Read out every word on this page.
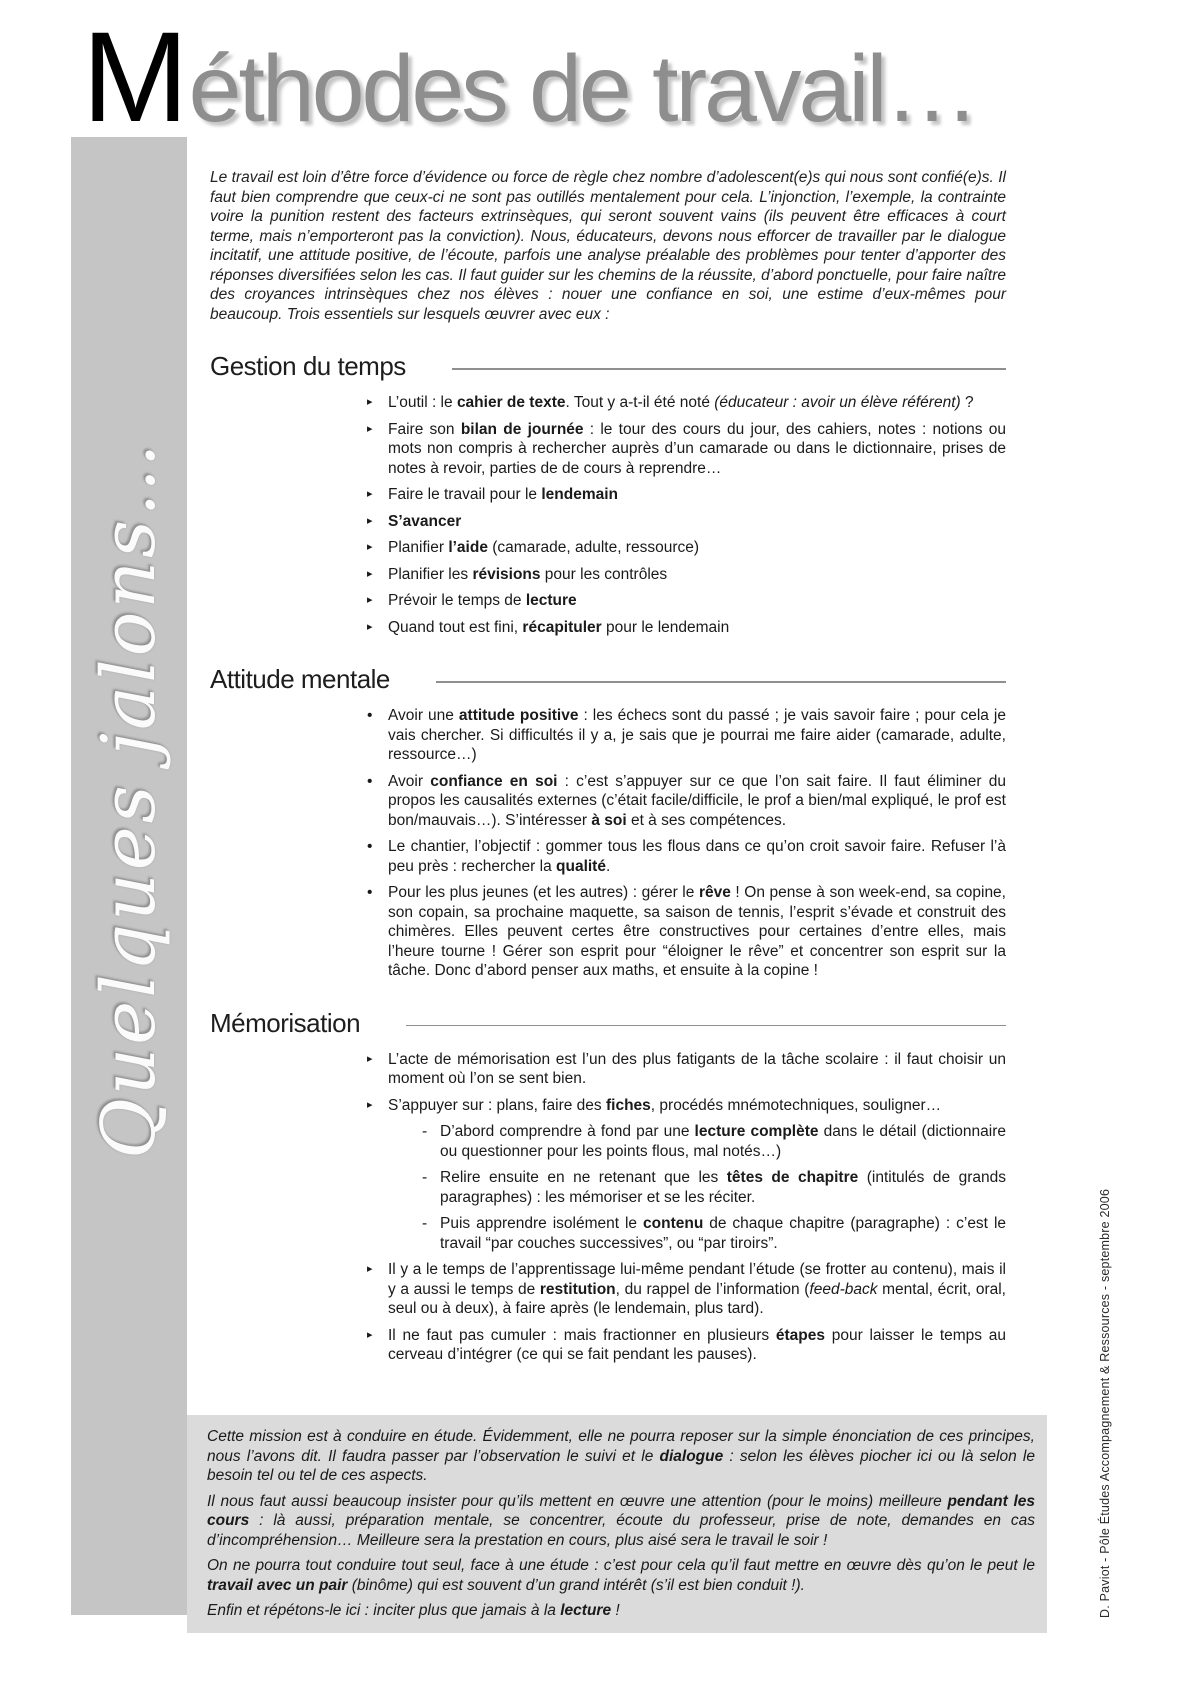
Méthodes de travail…
Quelques jalons…

Le travail est loin d’être force d’évidence ou force de règle chez nombre d’adolescent(e)s qui nous sont confié(e)s. Il faut bien comprendre que ceux-ci ne sont pas outillés mentalement pour cela. L’injonction, l’exemple, la contrainte voire la punition restent des facteurs extrinsèques, qui seront souvent vains (ils peuvent être efficaces à court terme, mais n’emporteront pas la conviction). Nous, éducateurs, devons nous efforcer de travailler par le dialogue incitatif, une attitude positive, de l’écoute, parfois une analyse préalable des problèmes pour tenter d’apporter des réponses diversifiées selon les cas. Il faut guider sur les chemins de la réussite, d’abord ponctuelle, pour faire naître des croyances intrinsèques chez nos élèves : nouer une confiance en soi, une estime d’eux-mêmes pour beaucoup. Trois essentiels sur lesquels œuvrer avec eux :

Gestion du temps
▸ L’outil : le cahier de texte. Tout y a-t-il été noté (éducateur : avoir un élève référent) ?
▸ Faire son bilan de journée : le tour des cours du jour, des cahiers, notes : notions ou mots non compris à rechercher auprès d’un camarade ou dans le dictionnaire, prises de notes à revoir, parties de de cours à reprendre…
▸ Faire le travail pour le lendemain
▸ S’avancer
▸ Planifier l’aide (camarade, adulte, ressource)
▸ Planifier les révisions pour les contrôles
▸ Prévoir le temps de lecture
▸ Quand tout est fini, récapituler pour le lendemain
Attitude mentale
•	Avoir une attitude positive : les échecs sont du passé ; je vais savoir faire ; pour cela je vais chercher. Si difficultés il y a, je sais que je pourrai me faire aider (camarade, adulte, ressource…)
•	Avoir confiance en soi : c’est s’appuyer sur ce que l’on sait faire. Il faut éliminer du propos les causalités externes (c’était facile/difficile, le prof a bien/mal expliqué, le prof est bon/mauvais…). S’intéresser à soi et à ses compétences.
•	Le chantier, l’objectif : gommer tous les flous dans ce qu’on croit savoir faire. Refuser l’à peu près : rechercher la qualité.
•	Pour les plus jeunes (et les autres) : gérer le rêve ! On pense à son week-end, sa copine, son copain, sa prochaine maquette, sa saison de tennis, l’esprit s’évade et construit des chimères. Elles peuvent certes être constructives pour certaines d’entre elles, mais l’heure tourne ! Gérer son esprit pour “éloigner le rêve” et concentrer son esprit sur la tâche. Donc d’abord penser aux maths, et ensuite à la copine !
Mémorisation
▸ L’acte de mémorisation est l’un des plus fatigants de la tâche scolaire : il faut choisir un moment où l’on se sent bien.
▸ S’appuyer sur : plans, faire des fiches, procédés mnémotechniques, souligner…
- D’abord comprendre à fond par une lecture complète dans le détail (dictionnaire ou questionner pour les points flous, mal notés…)
- Relire ensuite en ne retenant que les têtes de chapitre (intitulés de grands paragraphes) : les mémoriser et se les réciter.
- Puis apprendre isolément le contenu de chaque chapitre (paragraphe) : c’est le travail “par couches successives”, ou “par tiroirs”.
▸ Il y a le temps de l’apprentissage lui-même pendant l’étude (se frotter au contenu), mais il y a aussi le temps de restitution, du rappel de l’information (feed-back mental, écrit, oral, seul ou à deux), à faire après (le lendemain, plus tard).
▸ Il ne faut pas cumuler : mais fractionner en plusieurs étapes pour laisser le temps au cerveau d’intégrer (ce qui se fait pendant les pauses).

Cette mission est à conduire en étude. Évidemment, elle ne pourra reposer sur la simple énonciation de ces principes, nous l’avons dit. Il faudra passer par l’observation le suivi et le dialogue : selon les élèves piocher ici ou là selon le besoin tel ou tel de ces aspects.

Il nous faut aussi beaucoup insister pour qu’ils mettent en œuvre une attention (pour le moins) meilleure pendant les cours : là aussi, préparation mentale, se concentrer, écoute du professeur, prise de note, demandes en cas d’incompréhension… Meilleure sera la prestation en cours, plus aisé sera le travail le soir !

On ne pourra tout conduire tout seul, face à une étude : c’est pour cela qu’il faut mettre en œuvre dès qu’on le peut le travail avec un pair (binôme) qui est souvent d’un grand intérêt (s’il est bien conduit !).

Enfin et répétons-le ici : inciter plus que jamais à la lecture !	D. Paviot - Pôle Études Accompagnement & Ressources - septembre 2006
